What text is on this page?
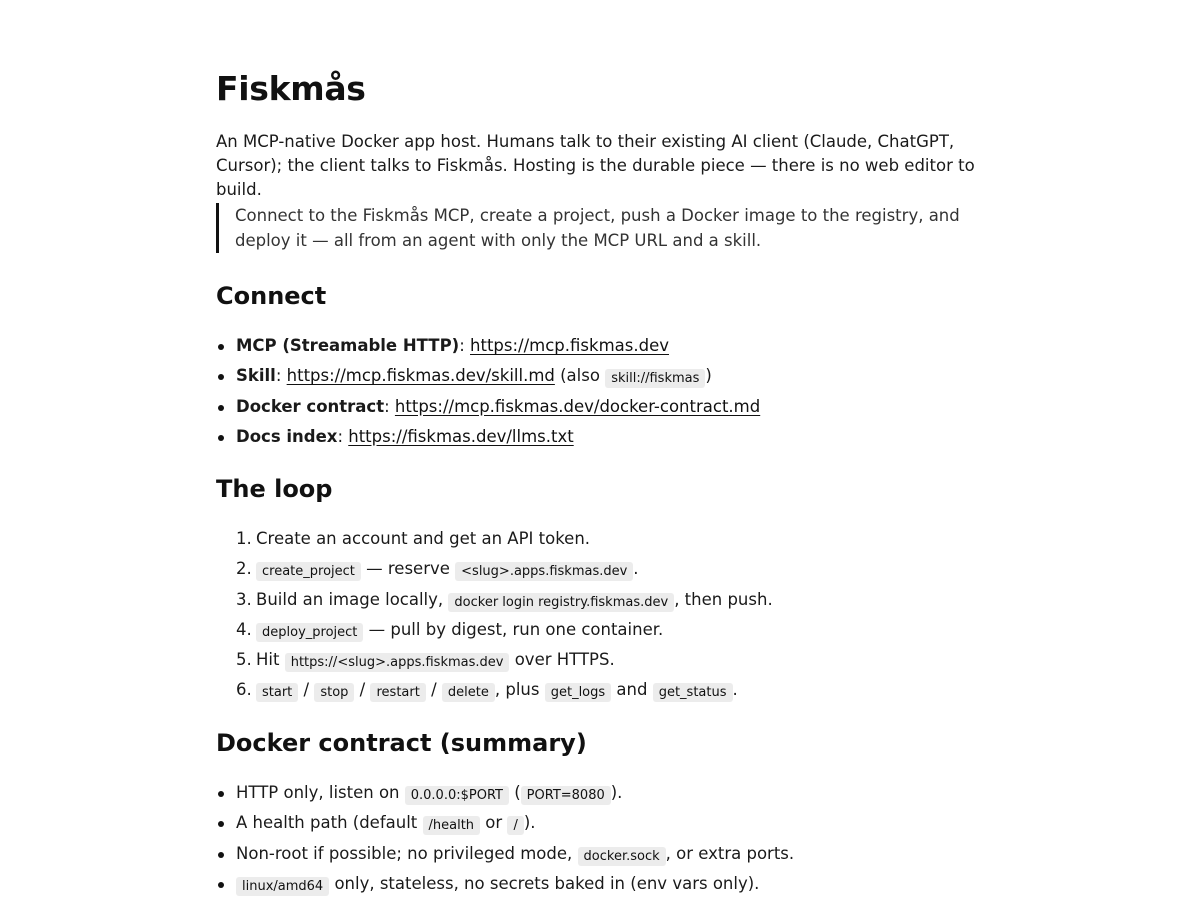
Fiskmås

An MCP-native Docker app host. Humans talk to their existing AI client (Claude, ChatGPT, Cursor); the client talks to Fiskmås. Hosting is the durable piece — there is no web editor to build.

Connect to the Fiskmås MCP, create a project, push a Docker image to the registry, and deploy it — all from an agent with only the MCP URL and a skill.
Connect
MCP (Streamable HTTP): https://mcp.fiskmas.dev
Skill: https://mcp.fiskmas.dev/skill.md (also skill://fiskmas )
Docker contract: https://mcp.fiskmas.dev/docker-contract.md
Docs index: https://fiskmas.dev/llms.txt
The loop
1. Create an account and get an API token.
2. create_project — reserve <slug>.apps.fiskmas.dev .
3. Build an image locally, docker login registry.fiskmas.dev , then push.
4. deploy_project — pull by digest, run one container.
5. Hit https://<slug>.apps.fiskmas.dev over HTTPS.
6. start / stop / restart / delete , plus get_logs and get_status .
Docker contract (summary)
HTTP only, listen on 0.0.0.0:$PORT ( PORT=8080 ).
A health path (default /health or / ).
Non-root if possible; no privileged mode, docker.sock , or extra ports.
linux/amd64 only, stateless, no secrets baked in (env vars only).
